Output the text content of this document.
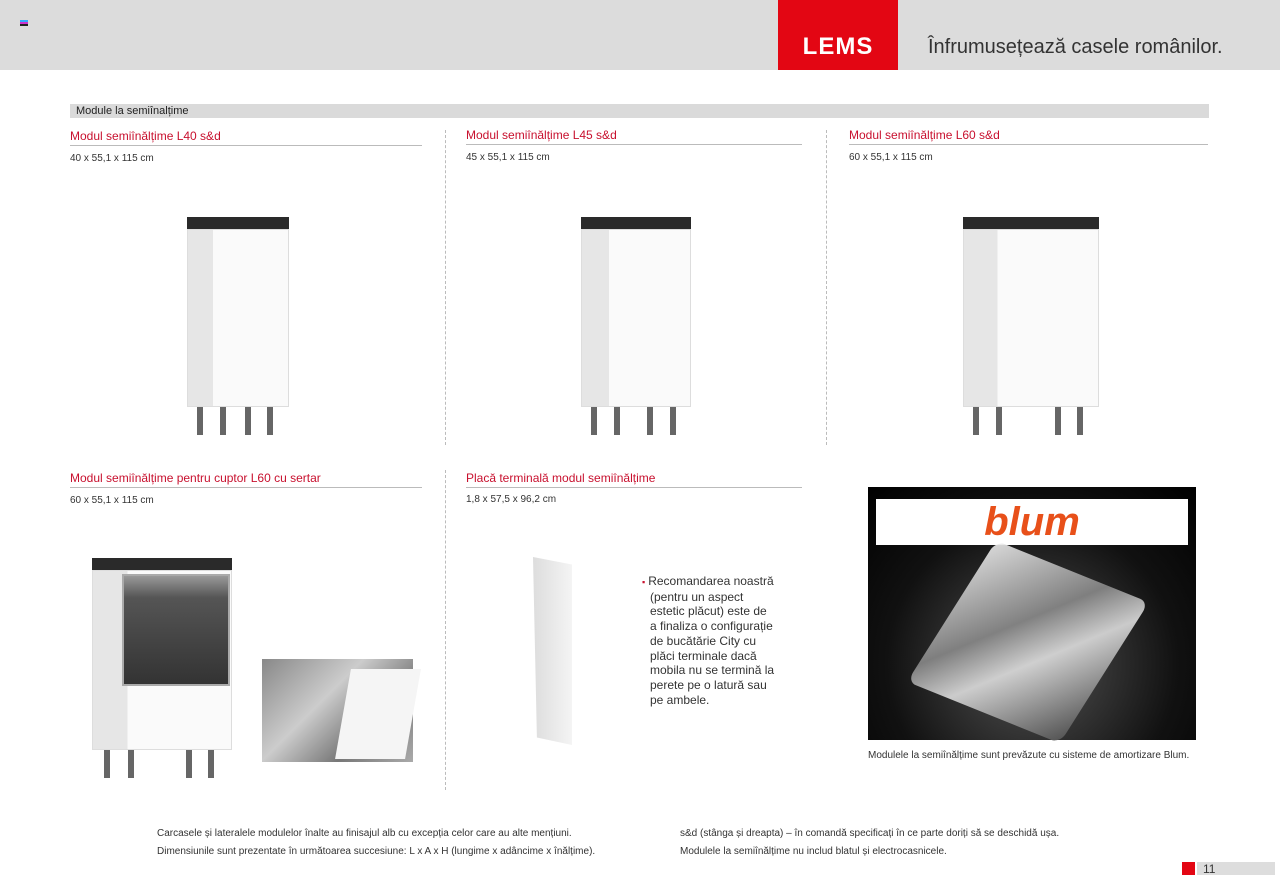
LEMS	Înfrumusețează casele românilor.
Module la semiînalțime
Modul semiînălțime L40 s&d
40 x 55,1 x 115 cm
Modul semiînălțime L45 s&d
45 x 55,1 x 115 cm
Modul semiînălțime L60 s&d
60 x 55,1 x 115 cm
Modul semiînălțime pentru cuptor L60 cu sertar
60 x 55,1 x 115 cm
Placă terminală modul semiînălțime
1,8 x 57,5 x 96,2 cm
▪ Recomandarea noastră
(pentru un aspect
estetic plăcut) este de
a finaliza o configurație
de bucătărie City cu
plăci terminale dacă
mobila nu se termină la
perete pe o latură sau
pe ambele.
blum
Modulele la semiînălțime sunt prevăzute cu sisteme de amortizare Blum.
Carcasele și lateralele modulelor înalte au finisajul alb cu excepția celor care au alte mențiuni.
Dimensiunile sunt prezentate în următoarea succesiune: L x A x H (lungime x adâncime x înălțime).
s&d (stânga și dreapta) – în comandă specificați în ce parte doriți să se deschidă ușa.
Modulele la semiînălțime nu includ blatul și electrocasnicele.
11
